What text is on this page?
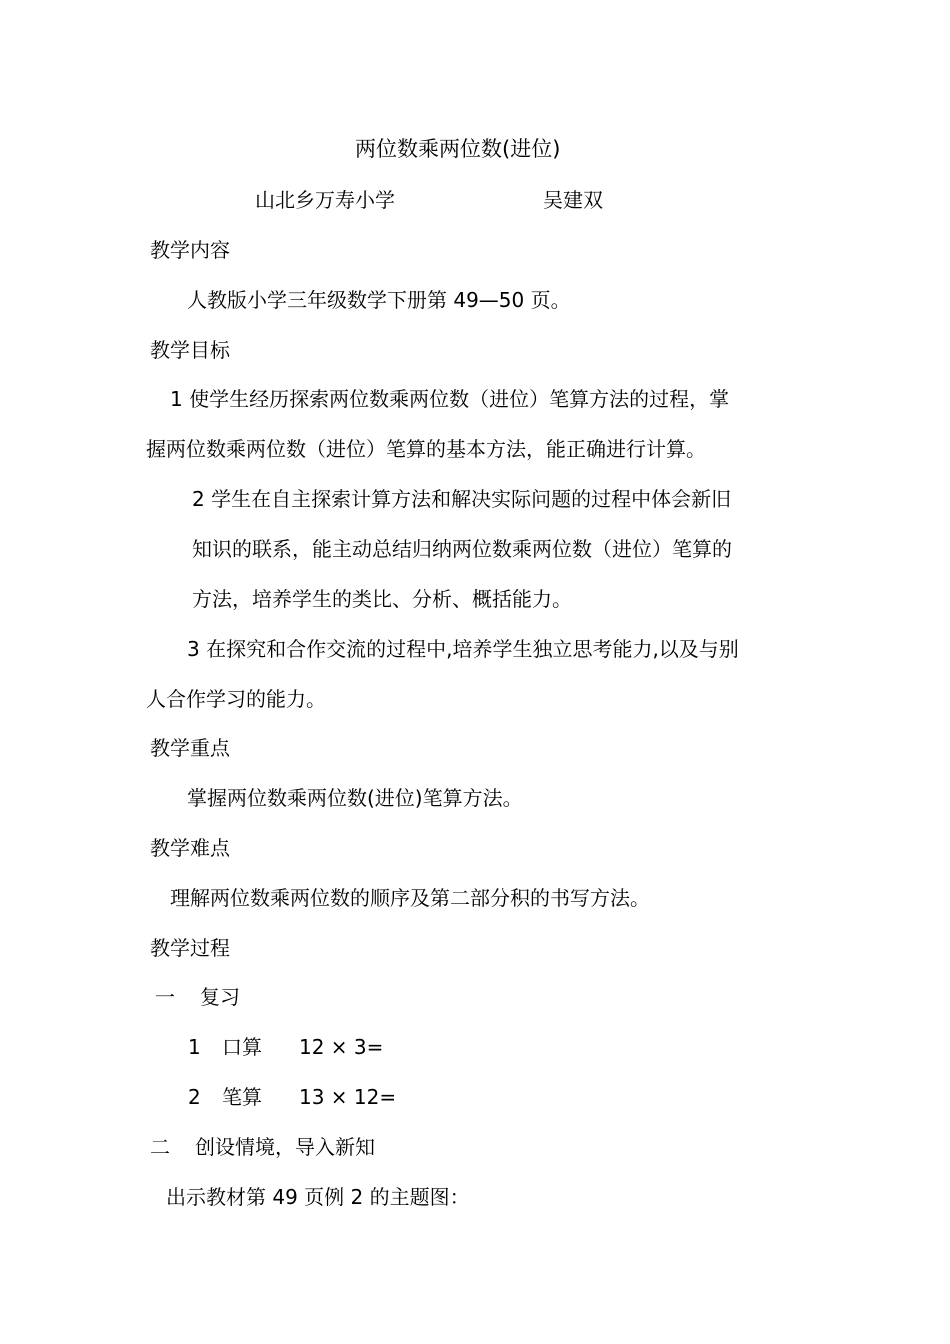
两位数乘两位数(进位)
山北乡万寿小学	吴建双
教学内容
人教版小学三年级数学下册第 49—50 页。
教学目标
1 使学生经历探索两位数乘两位数（进位）笔算方法的过程，掌
握两位数乘两位数（进位）笔算的基本方法，能正确进行计算。
2 学生在自主探索计算方法和解决实际问题的过程中体会新旧
知识的联系，能主动总结归纳两位数乘两位数（进位）笔算的
方法，培养学生的类比、分析、概括能力。
3 在探究和合作交流的过程中,培养学生独立思考能力,以及与别
人合作学习的能力。
教学重点
掌握两位数乘两位数(进位)笔算方法。
教学难点
理解两位数乘两位数的顺序及第二部分积的书写方法。
教学过程
一 复习
1 口算 12 × 3=
2 笔算 13 × 12=
二 创设情境，导入新知
出示教材第 49 页例 2 的主题图：
